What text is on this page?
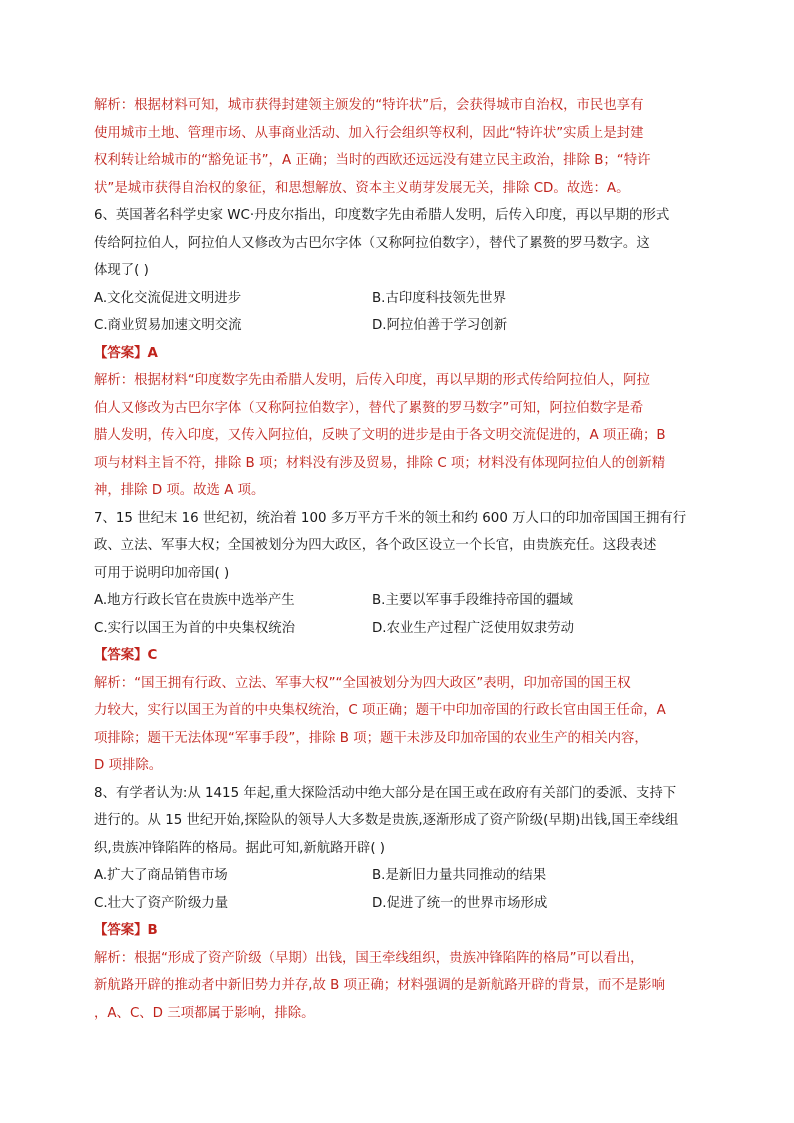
解析：根据材料可知，城市获得封建领主颁发的“特许状”后，会获得城市自治权，市民也享有
使用城市土地、管理市场、从事商业活动、加入行会组织等权利，因此“特许状”实质上是封建
权利转让给城市的“豁免证书”，A 正确；当时的西欧还远远没有建立民主政治，排除 B；“特许
状”是城市获得自治权的象征，和思想解放、资本主义萌芽发展无关，排除 CD。故选：A。
6、英国著名科学史家 WC·丹皮尔指出，印度数字先由希腊人发明，后传入印度，再以早期的形式
传给阿拉伯人，阿拉伯人又修改为古巴尔字体（又称阿拉伯数字），替代了累赘的罗马数字。这
体现了( )
A.文化交流促进文明进步	B.古印度科技领先世界
C.商业贸易加速文明交流	D.阿拉伯善于学习创新
【答案】A
解析：根据材料“印度数字先由希腊人发明，后传入印度，再以早期的形式传给阿拉伯人，阿拉
伯人又修改为古巴尔字体（又称阿拉伯数字），替代了累赘的罗马数字”可知，阿拉伯数字是希
腊人发明，传入印度，又传入阿拉伯，反映了文明的进步是由于各文明交流促进的，A 项正确；B
项与材料主旨不符，排除 B 项；材料没有涉及贸易，排除 C 项；材料没有体现阿拉伯人的创新精
神，排除 D 项。故选 A 项。
7、15 世纪末 16 世纪初，统治着 100 多万平方千米的领土和约 600 万人口的印加帝国国王拥有行
政、立法、军事大权；全国被划分为四大政区，各个政区设立一个长官，由贵族充任。这段表述
可用于说明印加帝国( )
A.地方行政长官在贵族中选举产生	B.主要以军事手段维持帝国的疆域
C.实行以国王为首的中央集权统治	D.农业生产过程广泛使用奴隶劳动
【答案】C
解析：“国王拥有行政、立法、军事大权”“全国被划分为四大政区”表明，印加帝国的国王权
力较大，实行以国王为首的中央集权统治，C 项正确；题干中印加帝国的行政长官由国王任命，A
项排除；题干无法体现“军事手段”，排除 B 项；题干未涉及印加帝国的农业生产的相关内容，
D 项排除。
8、有学者认为:从 1415 年起,重大探险活动中绝大部分是在国王或在政府有关部门的委派、支持下
进行的。从 15 世纪开始,探险队的领导人大多数是贵族,逐渐形成了资产阶级(早期)出钱,国王牵线组
织,贵族冲锋陷阵的格局。据此可知,新航路开辟( )
A.扩大了商品销售市场	B.是新旧力量共同推动的结果
C.壮大了资产阶级力量	D.促进了统一的世界市场形成
【答案】B
解析：根据“形成了资产阶级（早期）出钱，国王牵线组织，贵族冲锋陷阵的格局”可以看出，
新航路开辟的推动者中新旧势力并存,故 B 项正确；材料强调的是新航路开辟的背景，而不是影响
，A、C、D 三项都属于影响，排除。
